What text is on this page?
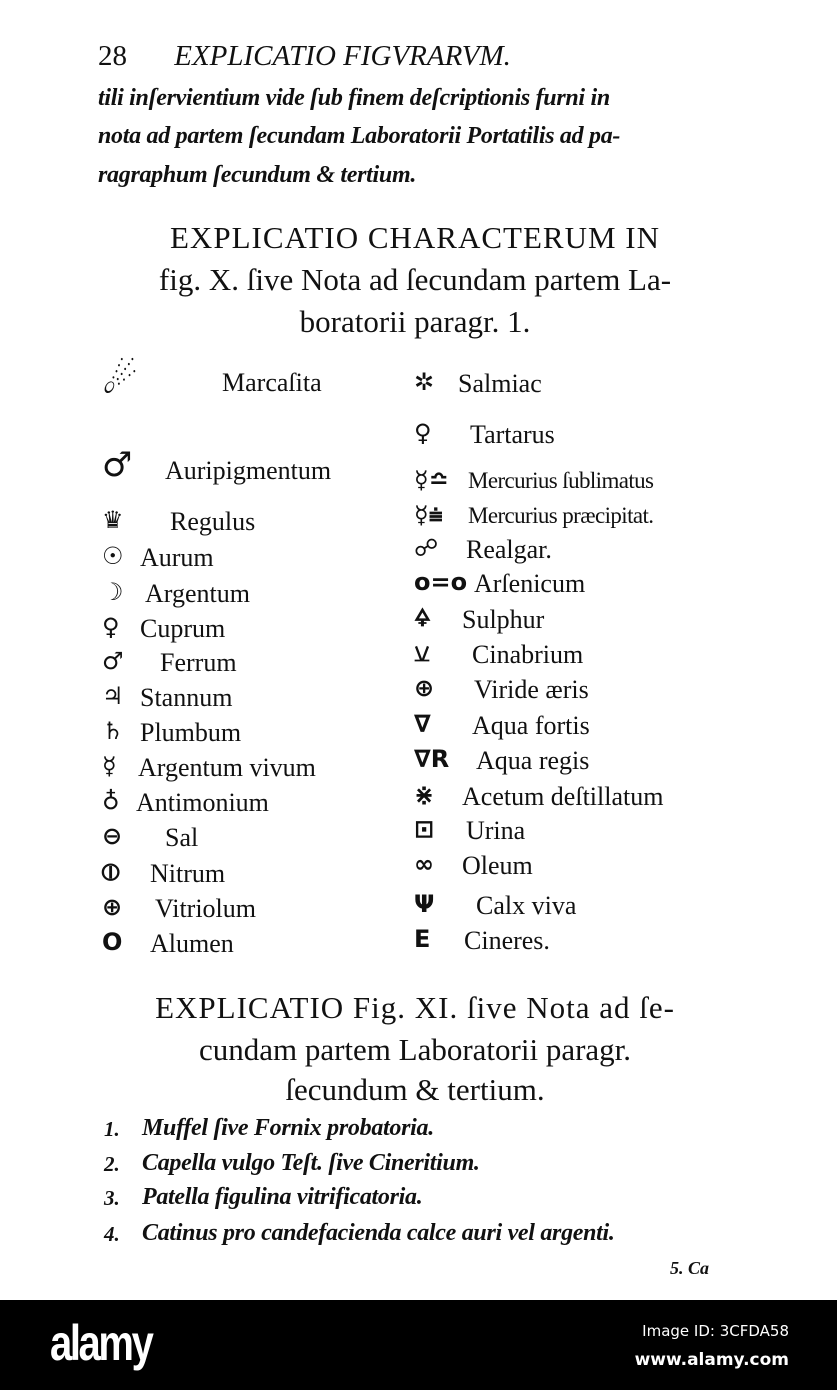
28 EXPLICATIO FIGVRARVM.
tili inſervientium vide ſub finem deſcriptionis furni in
nota ad partem ſecundam Laboratorii Portatilis ad pa-
ragraphum ſecundum & tertium.
EXPLICATIO CHARACTERUM IN
fig. X. ſive Nota ad ſecundam partem La-
boratorii paragr. 1.
☄	Marcaſita
♂ Auripigmentum
♛ Regulus
☉ Aurum
☽ Argentum
♀ Cuprum
♂ Ferrum
♃ Stannum
♄ Plumbum
☿ Argentum vivum
♁ Antimonium
⊖ Sal
⦶ Nitrum
⊕ Vitriolum
O Alumen
✲ Salmiac
♀ Tartarus
☿≏ Mercurius ſublimatus
☿⩧ Mercurius præcipitat.
☍ Realgar.
o=o Arſenicum
🜍 Sulphur
⚺ Cinabrium
⊕ Viride æris
∇ Aqua fortis
∇R Aqua regis
⋇ Acetum deſtillatum
⊡ Urina
∞ Oleum
Ψ Calx viva
E Cineres.
EXPLICATIO Fig. XI. ſive Nota ad ſe-
cundam partem Laboratorii paragr.
ſecundum & tertium.
1. Muffel ſive Fornix probatoria.
2. Capella vulgo Teſt. ſive Cineritium.
3. Patella figulina vitrificatoria.
4. Catinus pro candefacienda calce auri vel argenti.
5. Ca
alamy	Image ID: 3CFDA58
www.alamy.com
